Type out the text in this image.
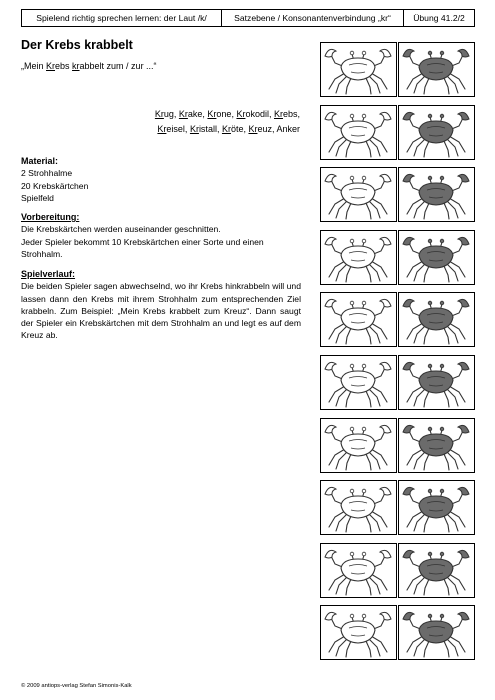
Spielend richtig sprechen lernen: der Laut /k/	Satzebene / Konsonantenverbindung „kr“	Übung 41.2/2
Der Krebs krabbelt
„Mein Krebs krabbelt zum / zur ...“
Krug, Krake, Krone, Krokodil, Krebs,
Kreisel, Kristall, Kröte, Kreuz, Anker
Material:
2 Strohhalme
20 Krebskärtchen
Spielfeld
Vorbereitung:
Die Krebskärtchen werden auseinander geschnitten.
Jeder Spieler bekommt 10 Krebskärtchen einer Sorte und einen Strohhalm.
Spielverlauf:
Die beiden Spieler sagen abwechselnd, wo ihr Krebs hinkrabbeln will und lassen dann den Krebs mit ihrem Strohhalm zum entsprechenden Ziel krabbeln. Zum Beispiel: „Mein Krebs krabbelt zum Kreuz“. Dann saugt der Spieler ein Krebskärtchen mit dem Strohhalm an und legt es auf dem Kreuz ab.
© 2009 antiops-verlag Stefan Simonis-Kalk
